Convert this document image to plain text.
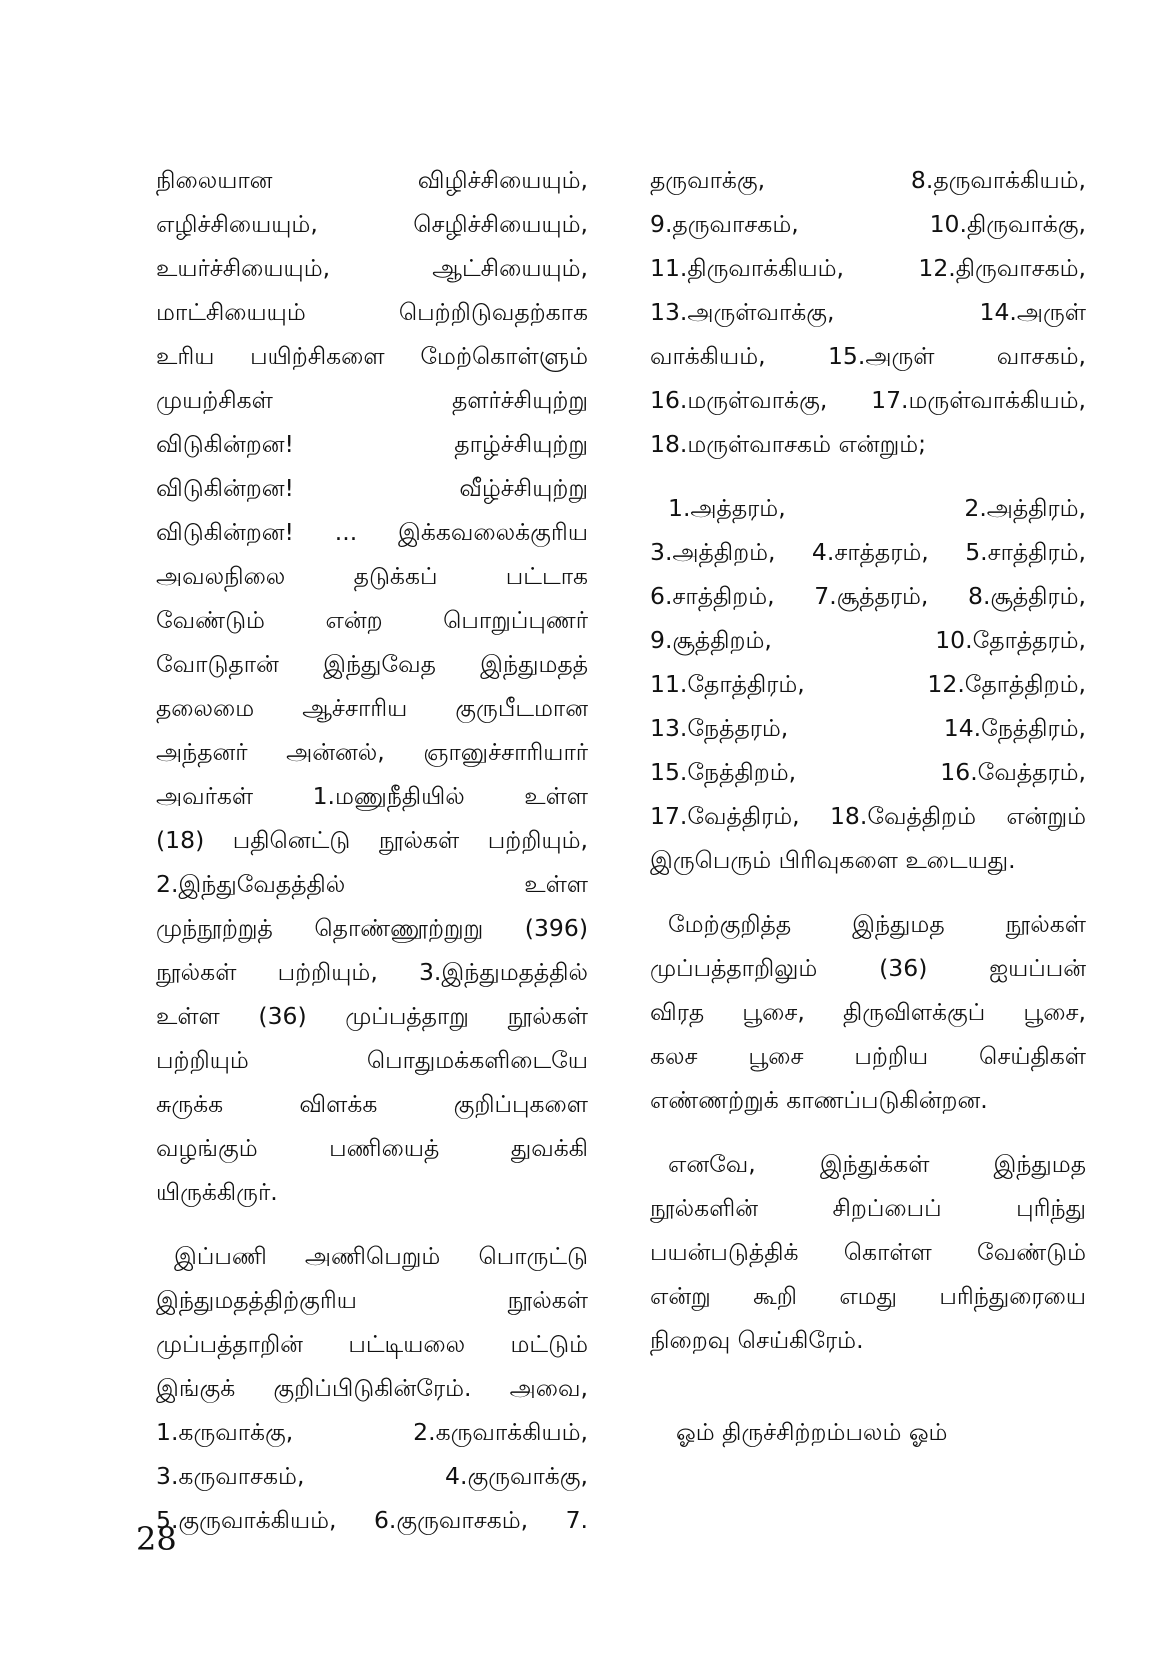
நிலையான விழிச்சியையும்,
எழிச்சியையும், செழிச்சியையும்,
உயர்ச்சியையும், ஆட்சியையும்,
மாட்சியையும் பெற்றிடுவதற்காக
உரிய பயிற்சிகளை மேற்கொள்ளும்
முயற்சிகள் தளர்ச்சியுற்று
விடுகின்றன! தாழ்ச்சியுற்று
விடுகின்றன! வீழ்ச்சியுற்று
விடுகின்றன! ... இக்கவலைக்குரிய
அவலநிலை தடுக்கப் பட்டாக
வேண்டும் என்ற பொறுப்புணர்
வோடுதான் இந்துவேத இந்துமதத்
தலைமை ஆச்சாரிய குருபீடமான
அந்தனர் அன்னல், ஞானுச்சாரியார்
அவர்கள் 1.மணுநீதியில் உள்ள
(18) பதினெட்டு நூல்கள் பற்றியும்,
2.இந்துவேதத்தில் உள்ள
முந்நூற்றுத் தொண்ணூற்றுறு (396)
நூல்கள் பற்றியும், 3.இந்துமதத்தில்
உள்ள (36) முப்பத்தாறு நூல்கள்
பற்றியும் பொதுமக்களிடையே
சுருக்க விளக்க குறிப்புகளை
வழங்கும் பணியைத் துவக்கி
யிருக்கிருர்.
இப்பணி அணிபெறும் பொருட்டு
இந்துமதத்திற்குரிய நூல்கள்
முப்பத்தாறின் பட்டியலை மட்டும்
இங்குக் குறிப்பிடுகின்ரேம். அவை,
1.கருவாக்கு, 2.கருவாக்கியம்,
3.கருவாசகம், 4.குருவாக்கு,
5.குருவாக்கியம், 6.குருவாசகம், 7.
தருவாக்கு, 8.தருவாக்கியம்,
9.தருவாசகம், 10.திருவாக்கு,
11.திருவாக்கியம், 12.திருவாசகம்,
13.அருள்வாக்கு, 14.அருள்
வாக்கியம், 15.அருள் வாசகம்,
16.மருள்வாக்கு, 17.மருள்வாக்கியம்,
18.மருள்வாசகம் என்றும்;
1.அத்தரம், 2.அத்திரம்,
3.அத்திறம், 4.சாத்தரம், 5.சாத்திரம்,
6.சாத்திறம், 7.சூத்தரம், 8.சூத்திரம்,
9.சூத்திறம், 10.தோத்தரம்,
11.தோத்திரம், 12.தோத்திறம்,
13.நேத்தரம், 14.நேத்திரம்,
15.நேத்திறம், 16.வேத்தரம்,
17.வேத்திரம், 18.வேத்திறம் என்றும்
இருபெரும் பிரிவுகளை உடையது.
மேற்குறித்த இந்துமத நூல்கள்
முப்பத்தாறிலும் (36) ஐயப்பன்
விரத பூசை, திருவிளக்குப் பூசை,
கலச பூசை பற்றிய செய்திகள்
எண்ணற்றுக் காணப்படுகின்றன.
எனவே, இந்துக்கள் இந்துமத
நூல்களின் சிறப்பைப் புரிந்து
பயன்படுத்திக் கொள்ள வேண்டும்
என்று கூறி எமது பரிந்துரையை
நிறைவு செய்கிரேம்.
ஓம் திருச்சிற்றம்பலம் ஓம்
28
